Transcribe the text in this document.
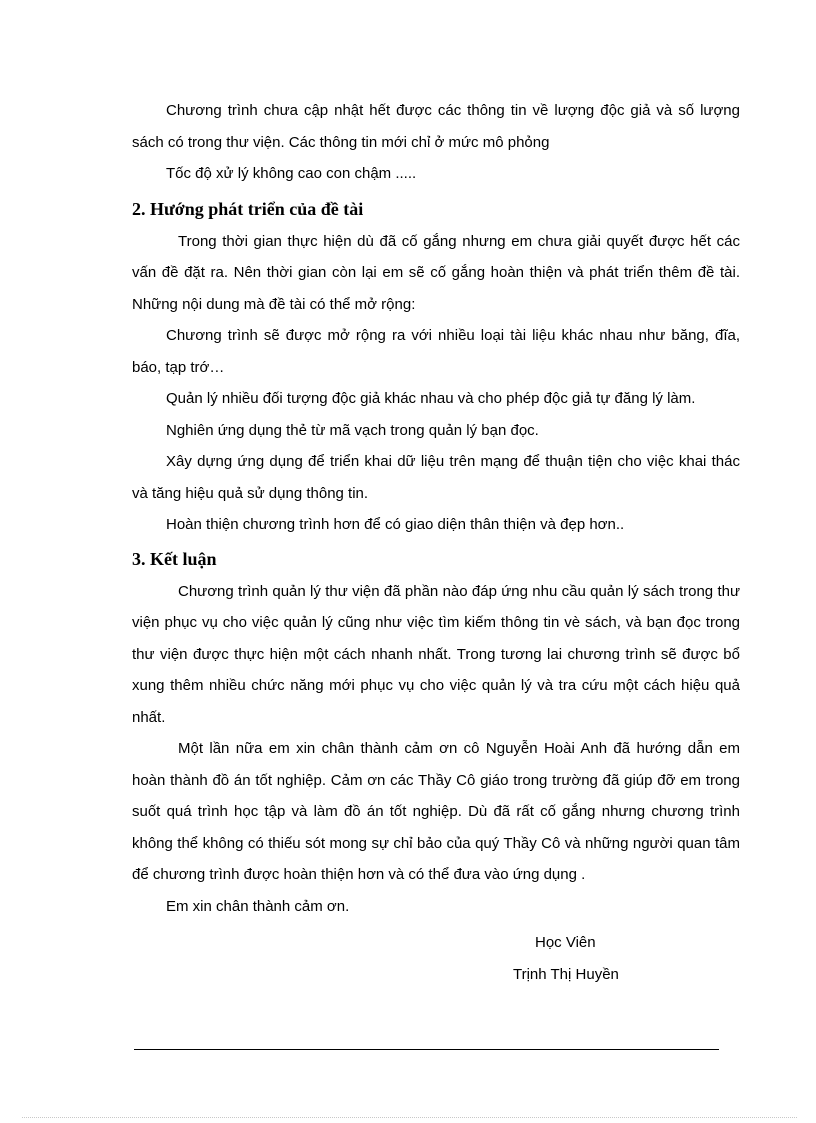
Chương trình chưa cập nhật hết được các thông tin về lượng độc giả và số lượng sách có trong thư viện. Các thông tin mới chỉ ở mức mô phỏng

Tốc độ xử lý không cao con chậm .....

2. Hướng phát triển của đề tài

Trong thời gian thực hiện dù đã cố gắng nhưng em chưa giải quyết được hết các vấn đề đặt ra. Nên thời gian còn lại em sẽ cố gắng hoàn thiện và phát triển thêm đề tài. Những nội dung mà đề tài có thể mở rộng:

Chương trình sẽ được mở rộng ra với nhiều loại tài liệu khác nhau như băng, đĩa, báo, tạp trớ…

Quản lý nhiều đối tượng độc giả khác nhau và cho phép độc giả tự đăng lý làm.

Nghiên ứng dụng thẻ từ mã vạch trong quản lý bạn đọc.

Xây dựng ứng dụng để triển khai dữ liệu trên mạng để thuận tiện cho việc khai thác và tăng hiệu quả sử dụng thông tin.

Hoàn thiện chương trình hơn để có giao diện thân thiện và đẹp hơn..

3. Kết luận

Chương trình quản lý thư viện đã phần nào đáp ứng nhu cầu quản lý sách trong thư viện phục vụ cho việc quản lý cũng như việc tìm kiếm thông tin vè sách, và bạn đọc trong thư viện được thực hiện một cách nhanh nhất. Trong tương lai chương trình sẽ được bổ xung thêm nhiều chức năng mới phục vụ cho việc quản lý và tra cứu một cách hiệu quả nhất.

Một lần nữa em xin chân thành cảm ơn cô Nguyễn Hoài Anh đã hướng dẫn em hoàn thành đồ án tốt nghiệp. Cảm ơn các Thầy Cô giáo trong trường đã giúp đỡ em trong suốt quá trình học tập và làm đồ án tốt nghiệp. Dù đã rất cố gắng nhưng chương trình không thể không có thiếu sót mong sự chỉ bảo của quý Thầy Cô và những người quan tâm để chương trình được hoàn thiện hơn và có thể đưa vào ứng dụng .

Em xin chân thành cảm ơn.

Học Viên
Trịnh Thị Huyền
